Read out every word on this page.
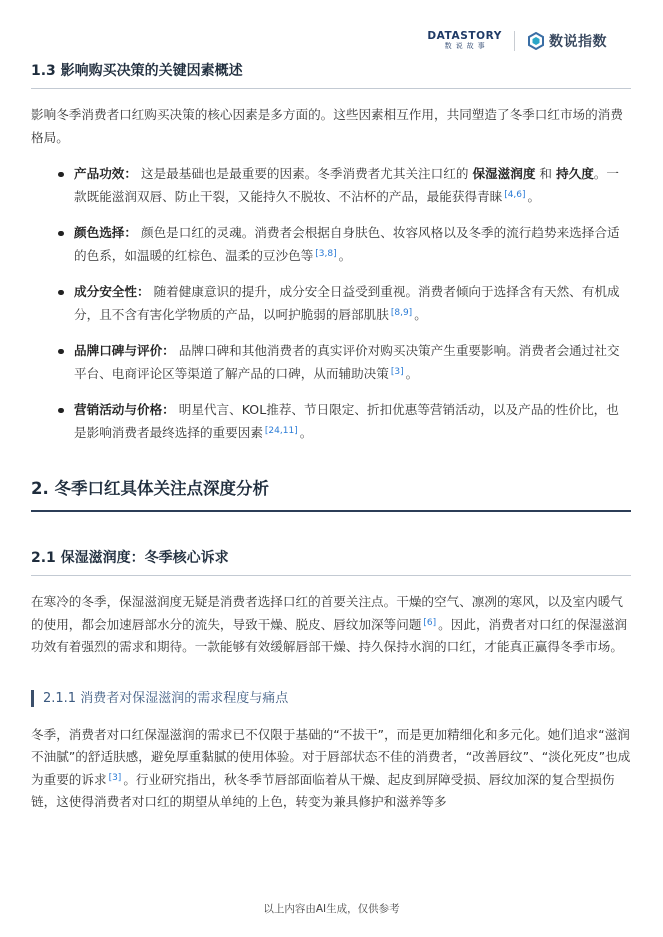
DATASTORY
数说故事	数说指数
1.3 影响购买决策的关键因素概述

影响冬季消费者口红购买决策的核心因素是多方面的。这些因素相互作用，共同塑造了冬季口红市场的消费格局。

产品功效： 这是最基础也是最重要的因素。冬季消费者尤其关注口红的 保湿滋润度 和 持久度。一款既能滋润双唇、防止干裂，又能持久不脱妆、不沾杯的产品，最能获得青睐 [4,6] 。
颜色选择： 颜色是口红的灵魂。消费者会根据自身肤色、妆容风格以及冬季的流行趋势来选择合适的色系，如温暖的红棕色、温柔的豆沙色等 [3,8] 。
成分安全性： 随着健康意识的提升，成分安全日益受到重视。消费者倾向于选择含有天然、有机成分，且不含有害化学物质的产品，以呵护脆弱的唇部肌肤 [8,9] 。
品牌口碑与评价： 品牌口碑和其他消费者的真实评价对购买决策产生重要影响。消费者会通过社交平台、电商评论区等渠道了解产品的口碑，从而辅助决策 [3] 。
营销活动与价格： 明星代言、KOL推荐、节日限定、折扣优惠等营销活动，以及产品的性价比，也是影响消费者最终选择的重要因素 [24,11] 。
2. 冬季口红具体关注点深度分析
2.1 保湿滋润度：冬季核心诉求

在寒冷的冬季，保湿滋润度无疑是消费者选择口红的首要关注点。干燥的空气、凛冽的寒风，以及室内暖气的使用，都会加速唇部水分的流失，导致干燥、脱皮、唇纹加深等问题 [6] 。因此，消费者对口红的保湿滋润功效有着强烈的需求和期待。一款能够有效缓解唇部干燥、持久保持水润的口红，才能真正赢得冬季市场。

2.1.1 消费者对保湿滋润的需求程度与痛点

冬季，消费者对口红保湿滋润的需求已不仅限于基础的“不拔干”，而是更加精细化和多元化。她们追求“滋润不油腻”的舒适肤感，避免厚重黏腻的使用体验。对于唇部状态不佳的消费者，“改善唇纹”、“淡化死皮”也成为重要的诉求 [3] 。行业研究指出，秋冬季节唇部面临着从干燥、起皮到屏障受损、唇纹加深的复合型损伤链，这使得消费者对口红的期望从单纯的上色，转变为兼具修护和滋养等多

以上内容由AI生成，仅供参考
